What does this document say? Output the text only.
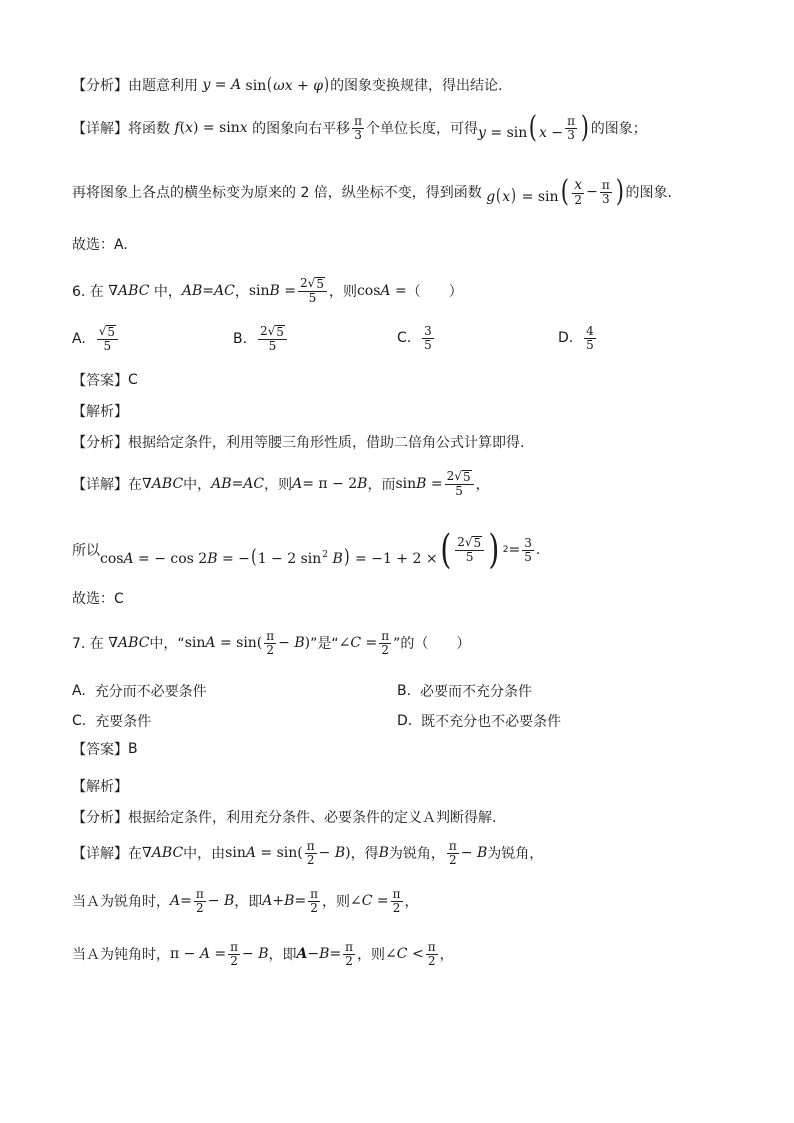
【分析】 由题意利用 y = A sin(ωx + φ) 的图象变换规律，得出结论.
【详解】 将函数 f (x) = sinx 的图象向右平移 $\frac{\pi}{3}$ 个单位长度，可得 y = sin( $x - \frac{\pi}{3}$ ) 的图象；
再将图象上各点的横坐标变为原来的 2 倍，纵坐标不变，得到函数 $g(x) = \sin( \frac{x}{2} - \frac{\pi}{3}$ ) 的图象.
故选：A.
6. 在 ∇ABC 中， AB = AC ， $\sin B = \frac{2 √ 5}{5}$ ，则 cosA = （　　）
A.
$\frac{√ 5}{5}$	B.
$\frac{2 √ 5}{5}$	C.
$\frac{3}{5}$	D.
$\frac{4}{5}$
【答案】 C
【解析】
【分析】 根据给定条件，利用等腰三角形性质，借助二倍角公式计算即得.
【详解】 在 ∇ABC 中， AB = AC ，则 A = π − 2 B ，而 $\sin B = \frac{2 √ 5}{5}$ ，
所以 cosA = − cos 2B = −(1 − 2 $\sin^2 B) = -1 + 2$ ×( $\frac{2 √ 5}{5}$ ) $2 = \frac{3}{5}$ .
故选：C
7. 在 ∇ABC 中，“ $\sin A = \sin( \frac{\pi}{2} - B)$ ”是“ ∠C = $\frac{\pi}{2}$ ”的（　　）
A.
充分而不必要条件	B.
必要而不充分条件
C.
充要条件	D.
既不充分也不必要条件
【答案】 B
【解析】
【分析】 根据给定条件，利用充分条件、必要条件的定义Ａ判断得解.
【详解】 在 ∇ABC 中，由 $\sin A = \sin( \frac{\pi}{2} - B)$ ，得 B 为锐角， $\frac{\pi}{2} - B$ 为锐角，
当Ａ为锐角时， $A = \frac{\pi}{2} - B$ ，即 $A + B = \frac{\pi}{2}$ ，则 ∠C = $\frac{\pi}{2}$ ，
当Ａ为钝角时， $\pi - A = \frac{\pi}{2} - B$ ，即 $A - B = \frac{\pi}{2}$ ，则 ∠C < $\frac{\pi}{2}$ ，
